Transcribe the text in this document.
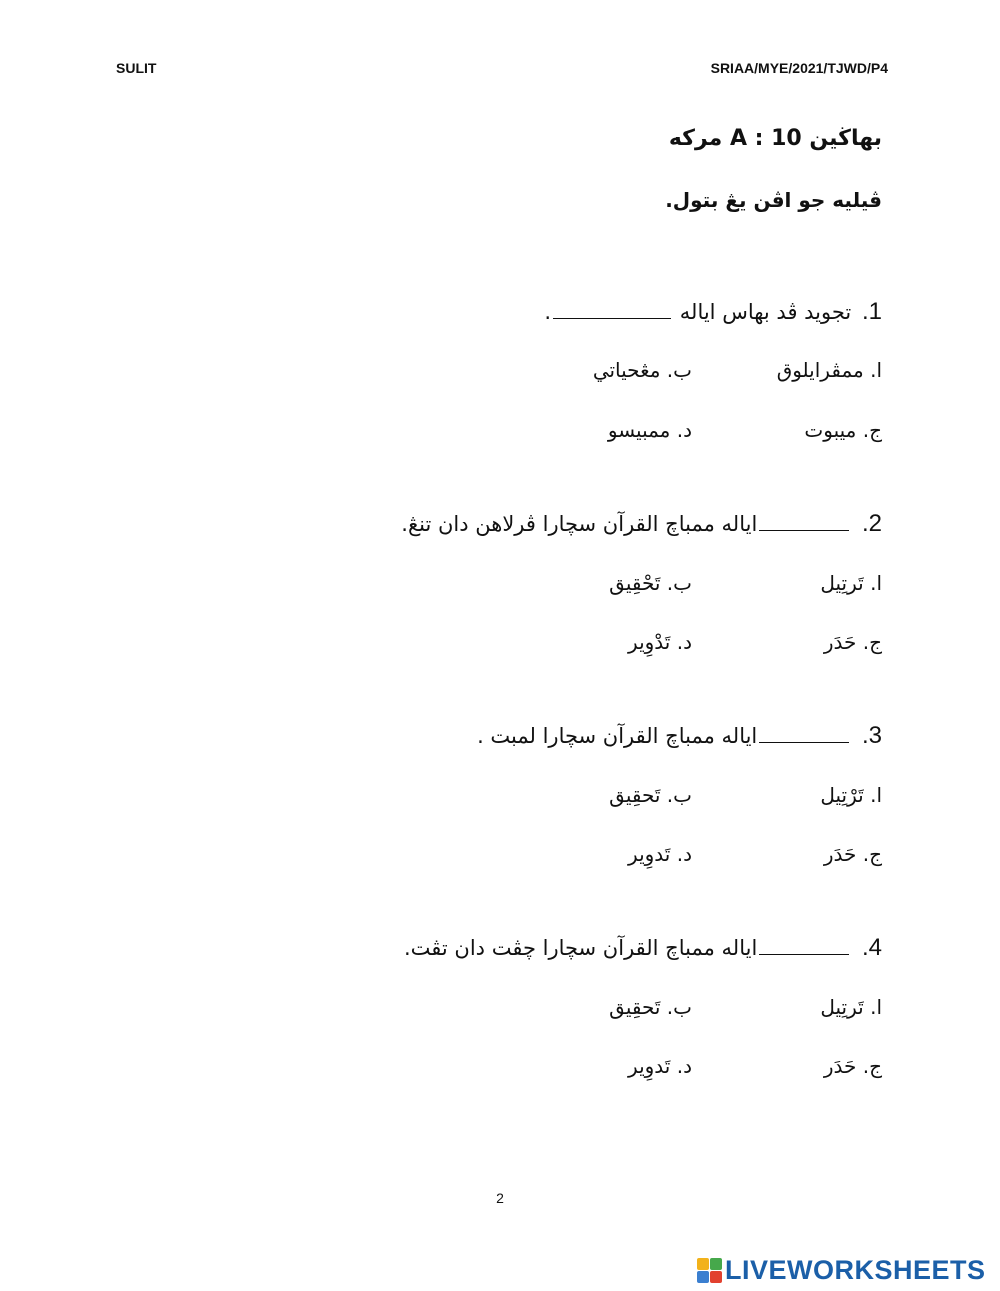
SULIT	SRIAA/MYE/2021/TJWD/P4
بهاڬين A : 10 مركه
ڤيليه جو اڤن يڠ بتول.
1. تجويد ڤد بهاس اياله .
ا. ممڤرايلوق
ب. مڠحياتي
ج. ميبوت
د. ممبيسو
2. اياله ممباچ القرآن سچارا ڤرلاهن دان تنڠ.
ا. تَرتِيل
ب. تَحْقِيق
ج. حَدَر
د. تَدْوِير
3. اياله ممباچ القرآن سچارا لمبت .
ا. تَرْتِيل
ب. تَحقِيق
ج. حَدَر
د. تَدوِير
4. اياله ممباچ القرآن سچارا چڤت دان تڤت.
ا. تَرتِيل
ب. تَحقِيق
ج. حَدَر
د. تَدوِير
2
LIVEWORKSHEETS
